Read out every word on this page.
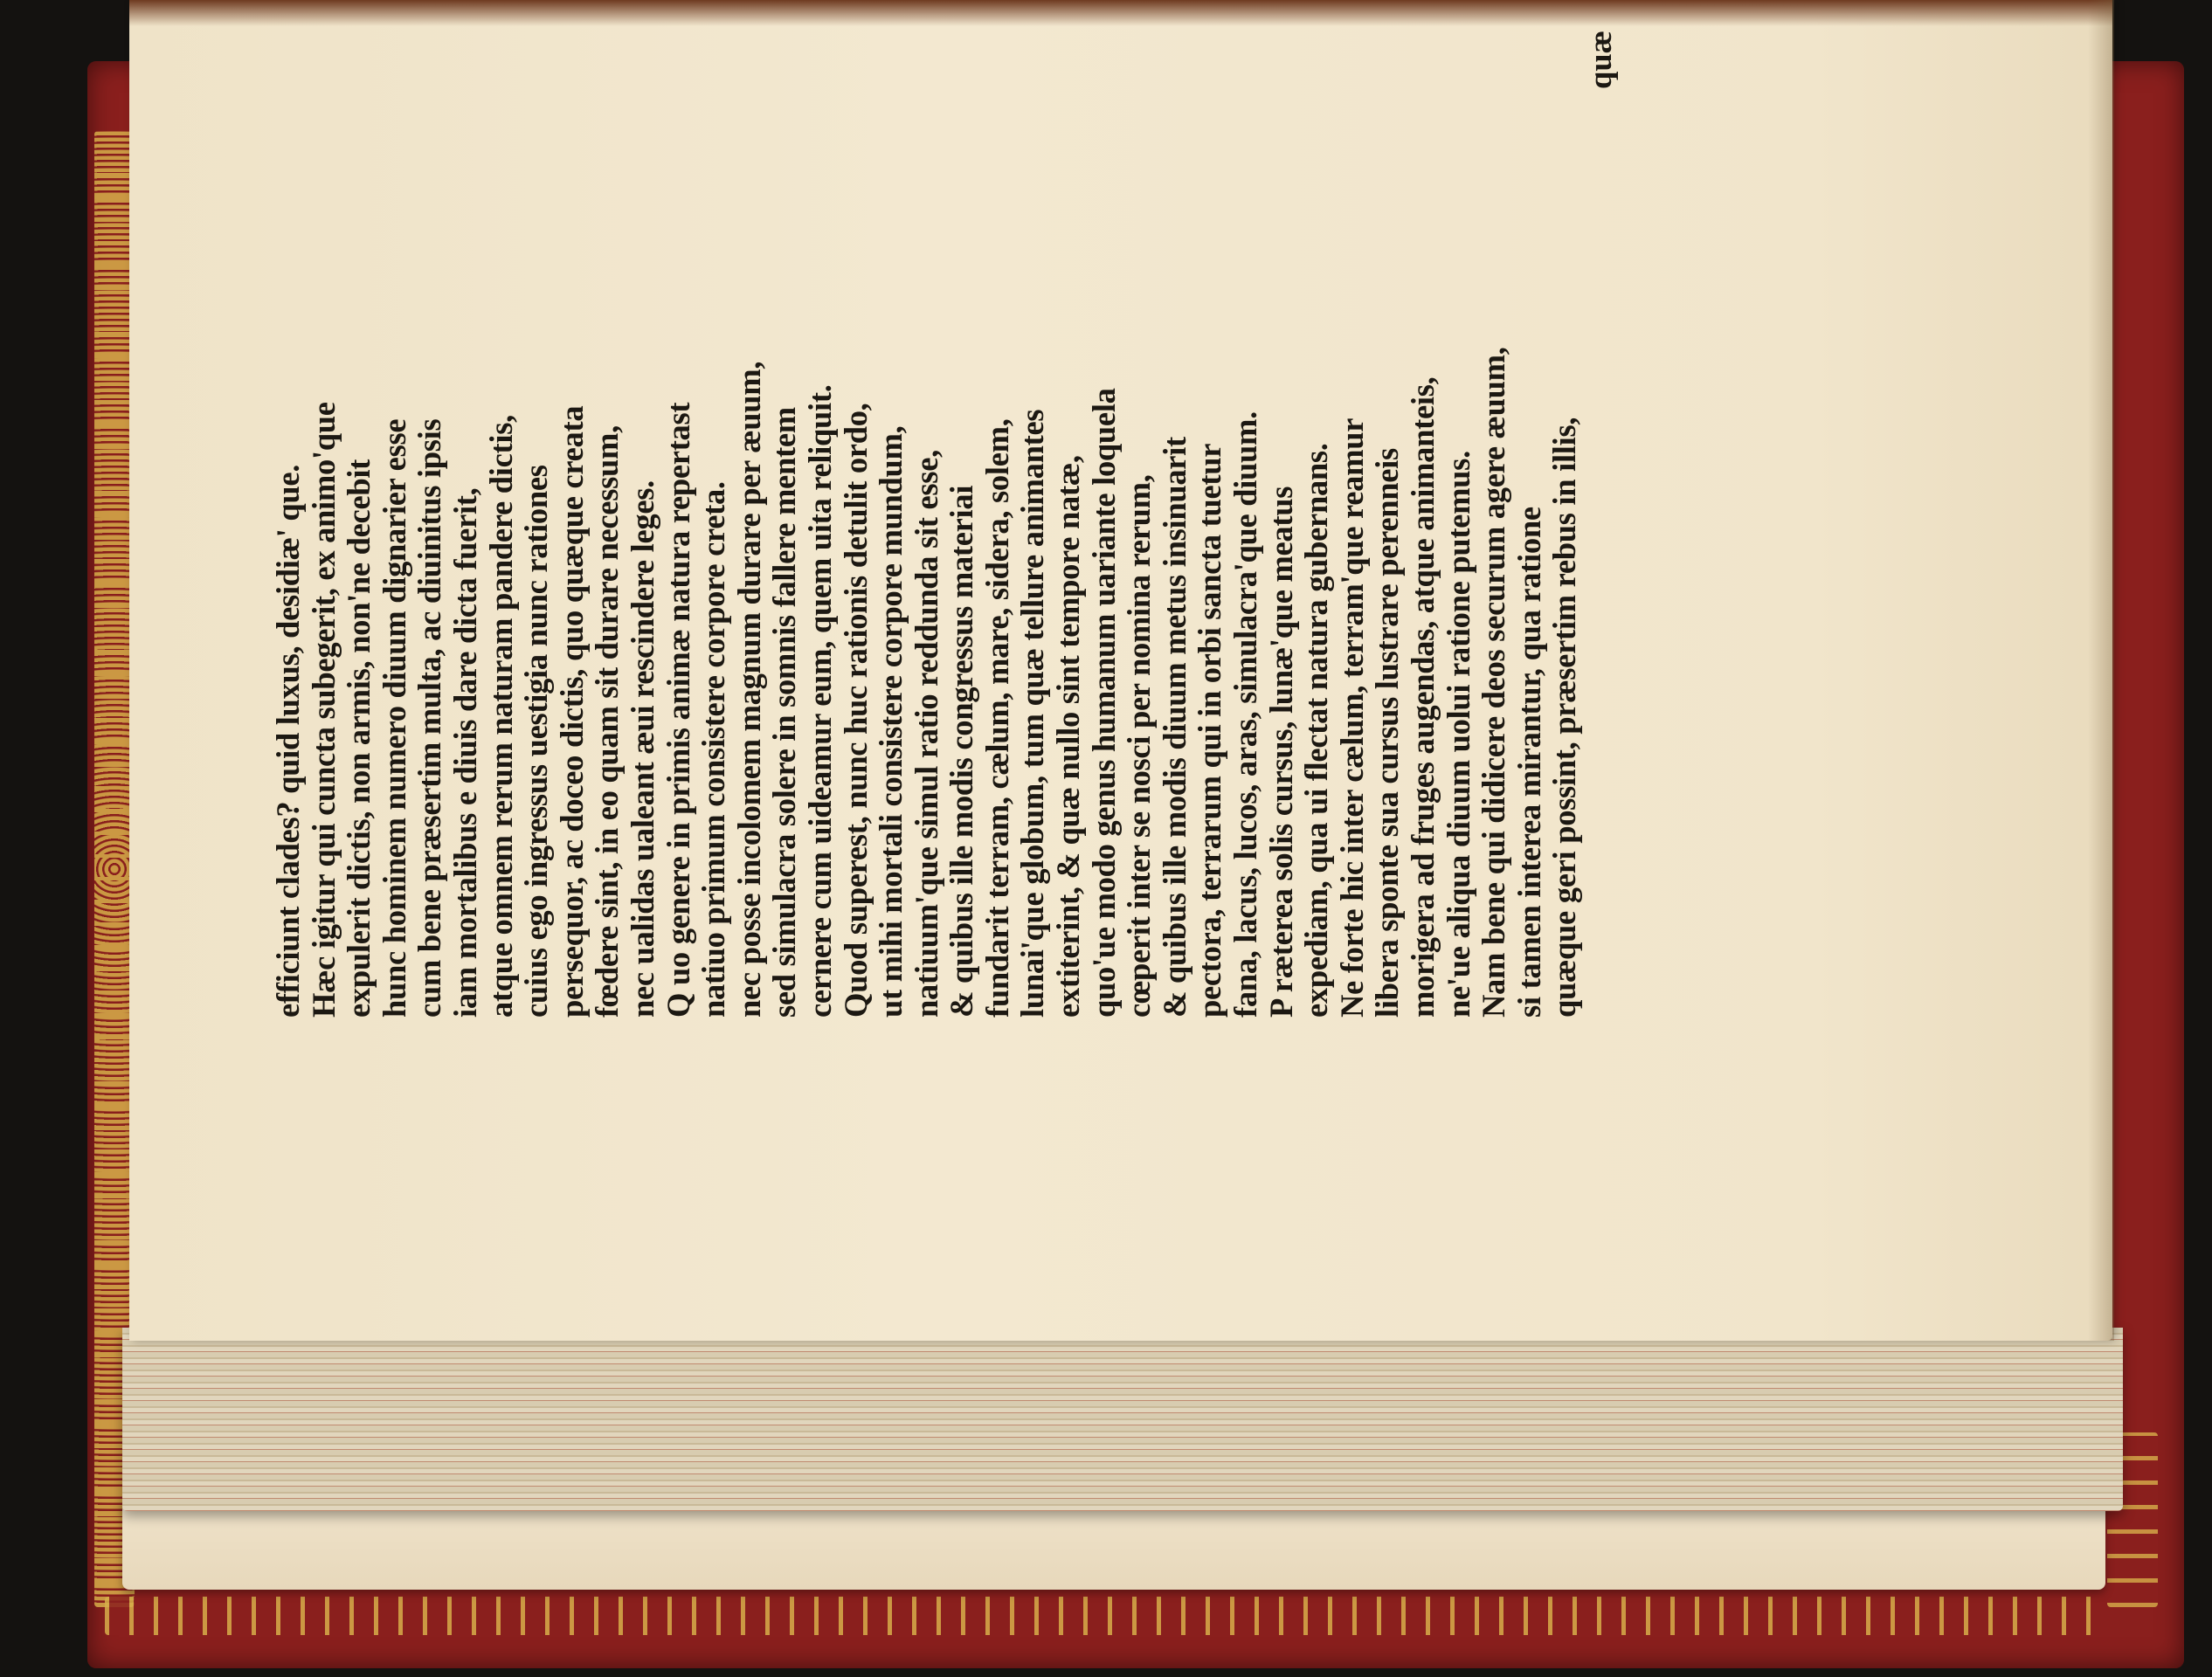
efficiunt clades? quid luxus, desidiæ' que. Hæc igitur qui cuncta subegerit, ex animo'que expulerit dictis, non armis, non'ne decebit hunc hominem numero diuum dignarier esse cum bene præsertim multa, ac diuinitus ipsis iam mortalibus e diuis dare dicta fuerit, atque omnem rerum naturam pandere dictis, cuius ego ingressus uestigia nunc rationes persequor, ac doceo dictis, quo quæque creata fœdere sint, in eo quam sit durare necessum, nec ualidas ualeant æui rescindere leges. Q uo genere in primis animæ natura repertast natiuo primum consistere corpore creta. nec posse incolomem magnum durare per æuum, sed simulacra solere in somnis fallere mentem cernere cum uideamur eum, quem uita reliquit. Quod superest, nunc huc rationis detulit ordo, ut mihi mortali consistere corpore mundum, natiuum'que simul ratio reddunda sit esse, & quibus ille modis congressus materiai fundarit terram, cælum, mare, sidera, solem, lunai'que globum, tum quæ tellure animantes extiterint, & quæ nullo sint tempore natæ, quo'ue modo genus humanum uariante loquela cœperit inter se nosci per nomina rerum, & quibus ille modis diuum metus insinuarit pectora, terrarum qui in orbi sancta tuetur fana, lacus, lucos, aras, simulacra'que diuum. P ræterea solis cursus, lunæ'que meatus expediam, qua ui flectat natura gubernans. Ne forte hic inter cælum, terram'que reamur libera sponte sua cursus lustrare perenneis morigera ad fruges augendas, atque animanteis, ne'ue aliqua diuum uolui ratione putemus. Nam bene qui didicere deos securum agere æuum, si tamen interea mirantur, qua ratione quæque geri possint, præsertim rebus in illis,
quæ
